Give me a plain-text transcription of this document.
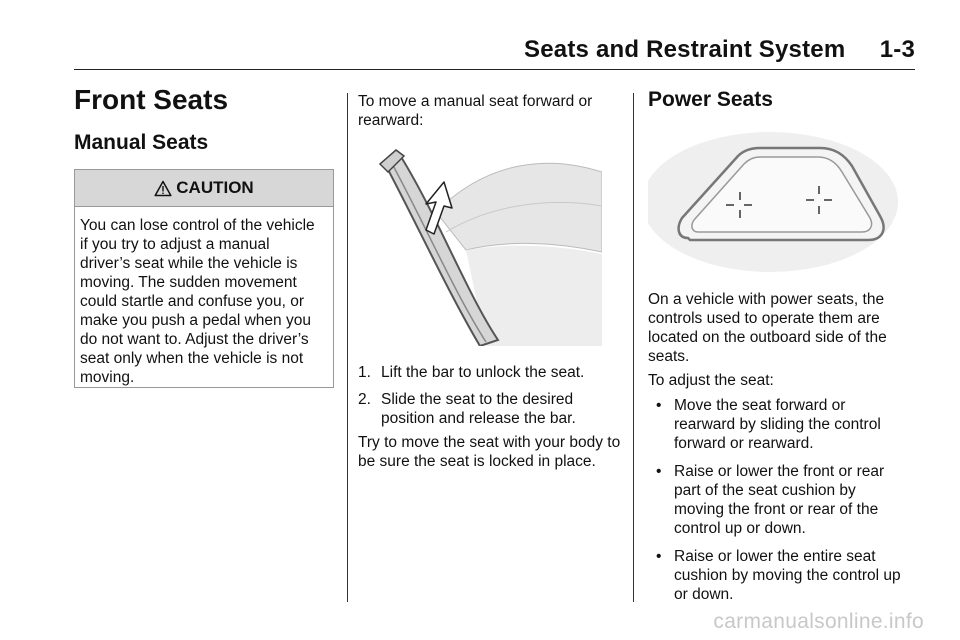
Seats and Restraint System     1-3
Front Seats
Manual Seats
CAUTION
You can lose control of the vehicle if you try to adjust a manual driver’s seat while the vehicle is moving. The sudden movement could startle and confuse you, or make you push a pedal when you do not want to. Adjust the driver’s seat only when the vehicle is not moving.
To move a manual seat forward or rearward:
1. Lift the bar to unlock the seat.
2. Slide the seat to the desired position and release the bar.
Try to move the seat with your body to be sure the seat is locked in place.
Power Seats
On a vehicle with power seats, the controls used to operate them are located on the outboard side of the seats.
To adjust the seat:
• Move the seat forward or rearward by sliding the control forward or rearward.
• Raise or lower the front or rear part of the seat cushion by moving the front or rear of the control up or down.
• Raise or lower the entire seat cushion by moving the control up or down.
carmanualsonline.info
